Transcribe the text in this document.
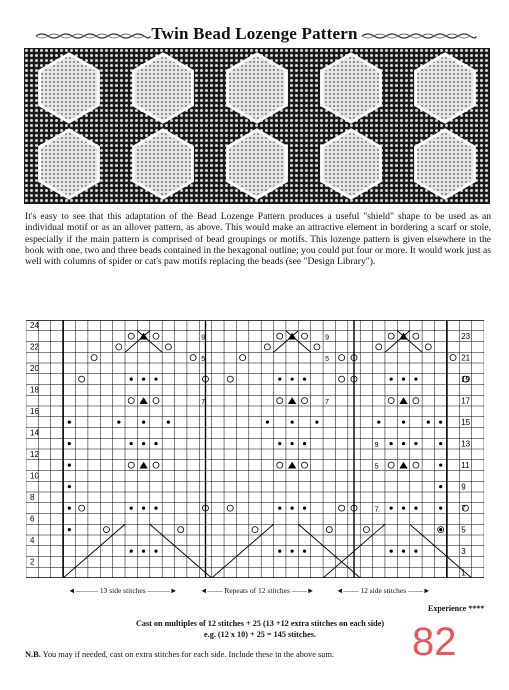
Twin Bead Lozenge Pattern
It's easy to see that this adaptation of the Bead Lozenge Pattern produces a useful "shield" shape to be used as an individual motif or as an allover pattern, as above. This would make an attractive element in bordering a scarf or stole, especially if the main pattern is comprised of bead groupings or motifs. This lozenge pattern is given elsewhere in the book with one, two and three beads contained in the hexagonal outline; you could put four or more. It would work just as well with columns of spider or cat's paw motifs replacing the beads (see "Design Library").
24
22
20
18
16
14
12
10
8
6
4
2
23
21
19
17
15
13
11
9
7
5
3
1
9
5
7
9
5
7
9
5
7
◄——— 13 side stitches ———►	◄—— Repeats of 12 stitches ——►	◄—— 12 side stitches ——►
Experience ****
Cast on multiples of 12 stitches + 25 (13 +12 extra stitches on each side)
e.g. (12 x 10) + 25 = 145 stitches.
N.B. You may if needed, cast on extra stitches for each side. Include these in the above sum. 82
